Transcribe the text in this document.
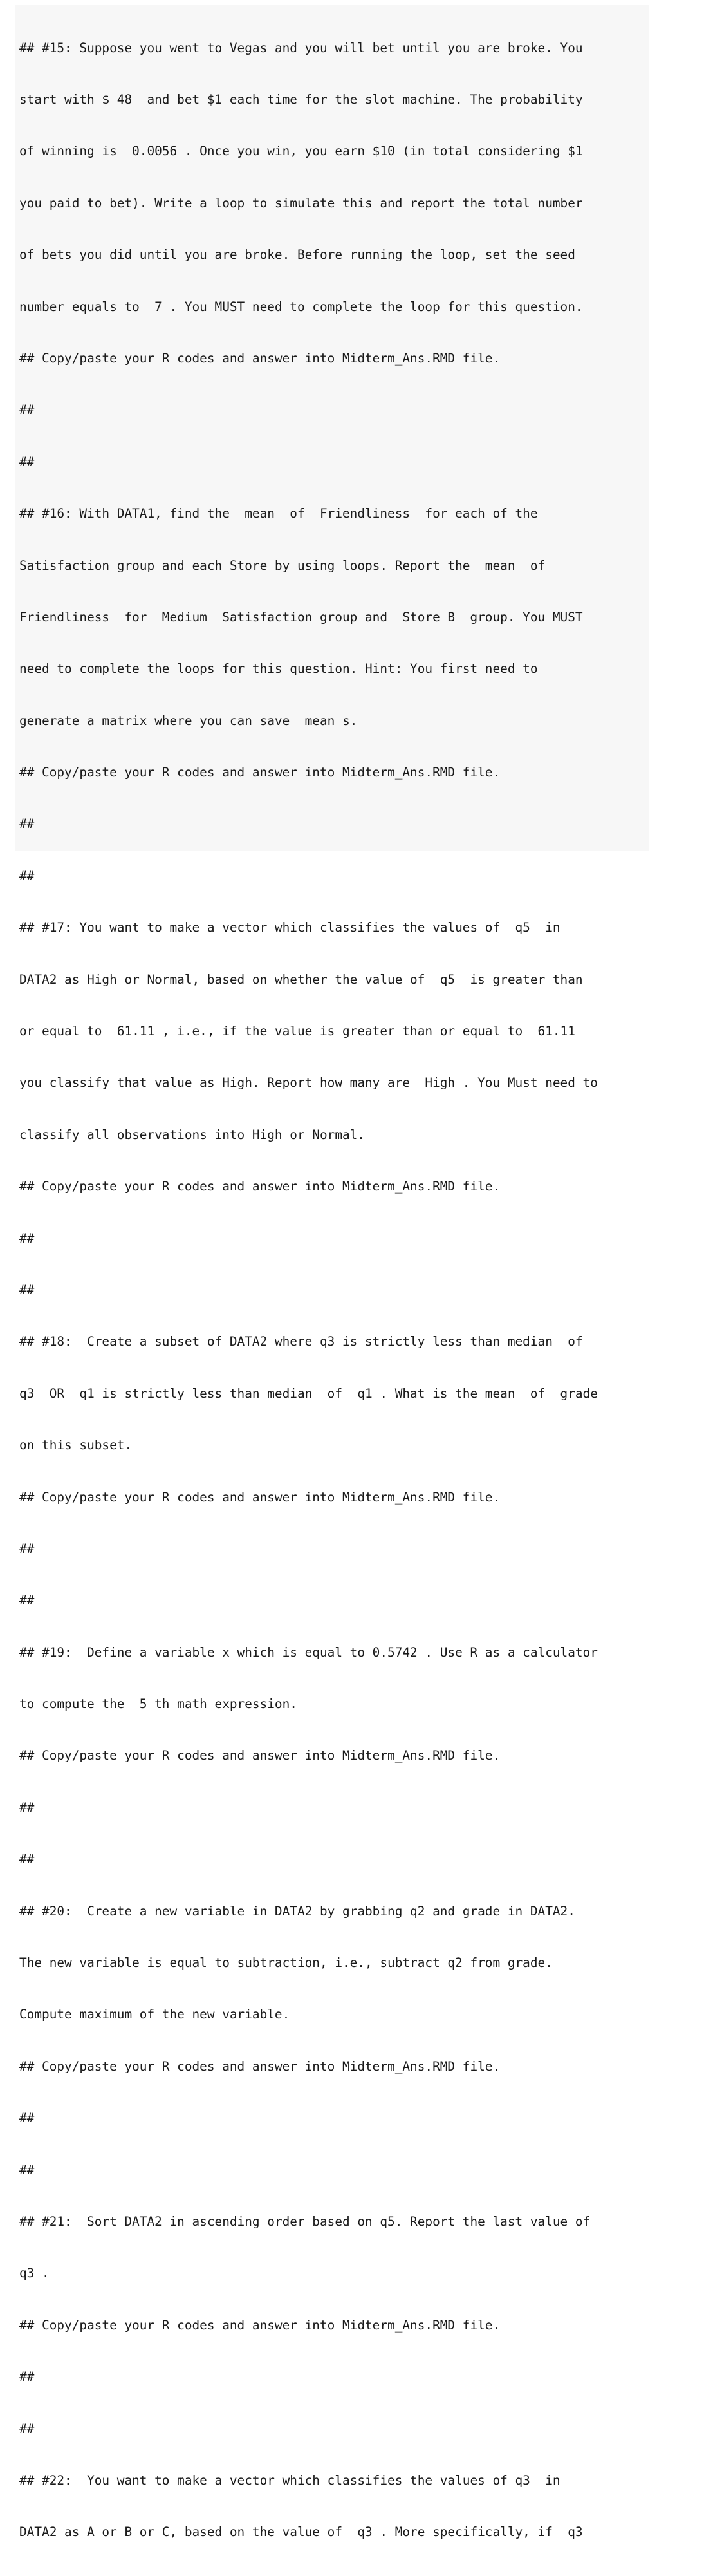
## #15: Suppose you went to Vegas and you will bet until you are broke. You

start with $ 48  and bet $1 each time for the slot machine. The probability

of winning is  0.0056 . Once you win, you earn $10 (in total considering $1

you paid to bet). Write a loop to simulate this and report the total number

of bets you did until you are broke. Before running the loop, set the seed

number equals to  7 . You MUST need to complete the loop for this question.

## Copy/paste your R codes and answer into Midterm_Ans.RMD file.

##

##

## #16: With DATA1, find the  mean  of  Friendliness  for each of the

Satisfaction group and each Store by using loops. Report the  mean  of

Friendliness  for  Medium  Satisfaction group and  Store B  group. You MUST

need to complete the loops for this question. Hint: You first need to

generate a matrix where you can save  mean s.

## Copy/paste your R codes and answer into Midterm_Ans.RMD file.

##

##

## #17: You want to make a vector which classifies the values of  q5  in

DATA2 as High or Normal, based on whether the value of  q5  is greater than

or equal to  61.11 , i.e., if the value is greater than or equal to  61.11

you classify that value as High. Report how many are  High . You Must need to

classify all observations into High or Normal.

## Copy/paste your R codes and answer into Midterm_Ans.RMD file.

##

##

## #18:  Create a subset of DATA2 where q3 is strictly less than median  of

q3  OR  q1 is strictly less than median  of  q1 . What is the mean  of  grade

on this subset.

## Copy/paste your R codes and answer into Midterm_Ans.RMD file.

##

##

## #19:  Define a variable x which is equal to 0.5742 . Use R as a calculator

to compute the  5 th math expression.

## Copy/paste your R codes and answer into Midterm_Ans.RMD file.

##

##

## #20:  Create a new variable in DATA2 by grabbing q2 and grade in DATA2.

The new variable is equal to subtraction, i.e., subtract q2 from grade.

Compute maximum of the new variable.

## Copy/paste your R codes and answer into Midterm_Ans.RMD file.

##

##

## #21:  Sort DATA2 in ascending order based on q5. Report the last value of

q3 .

## Copy/paste your R codes and answer into Midterm_Ans.RMD file.

##

##

## #22:  You want to make a vector which classifies the values of q3  in

DATA2 as A or B or C, based on the value of  q3 . More specifically, if  q3
